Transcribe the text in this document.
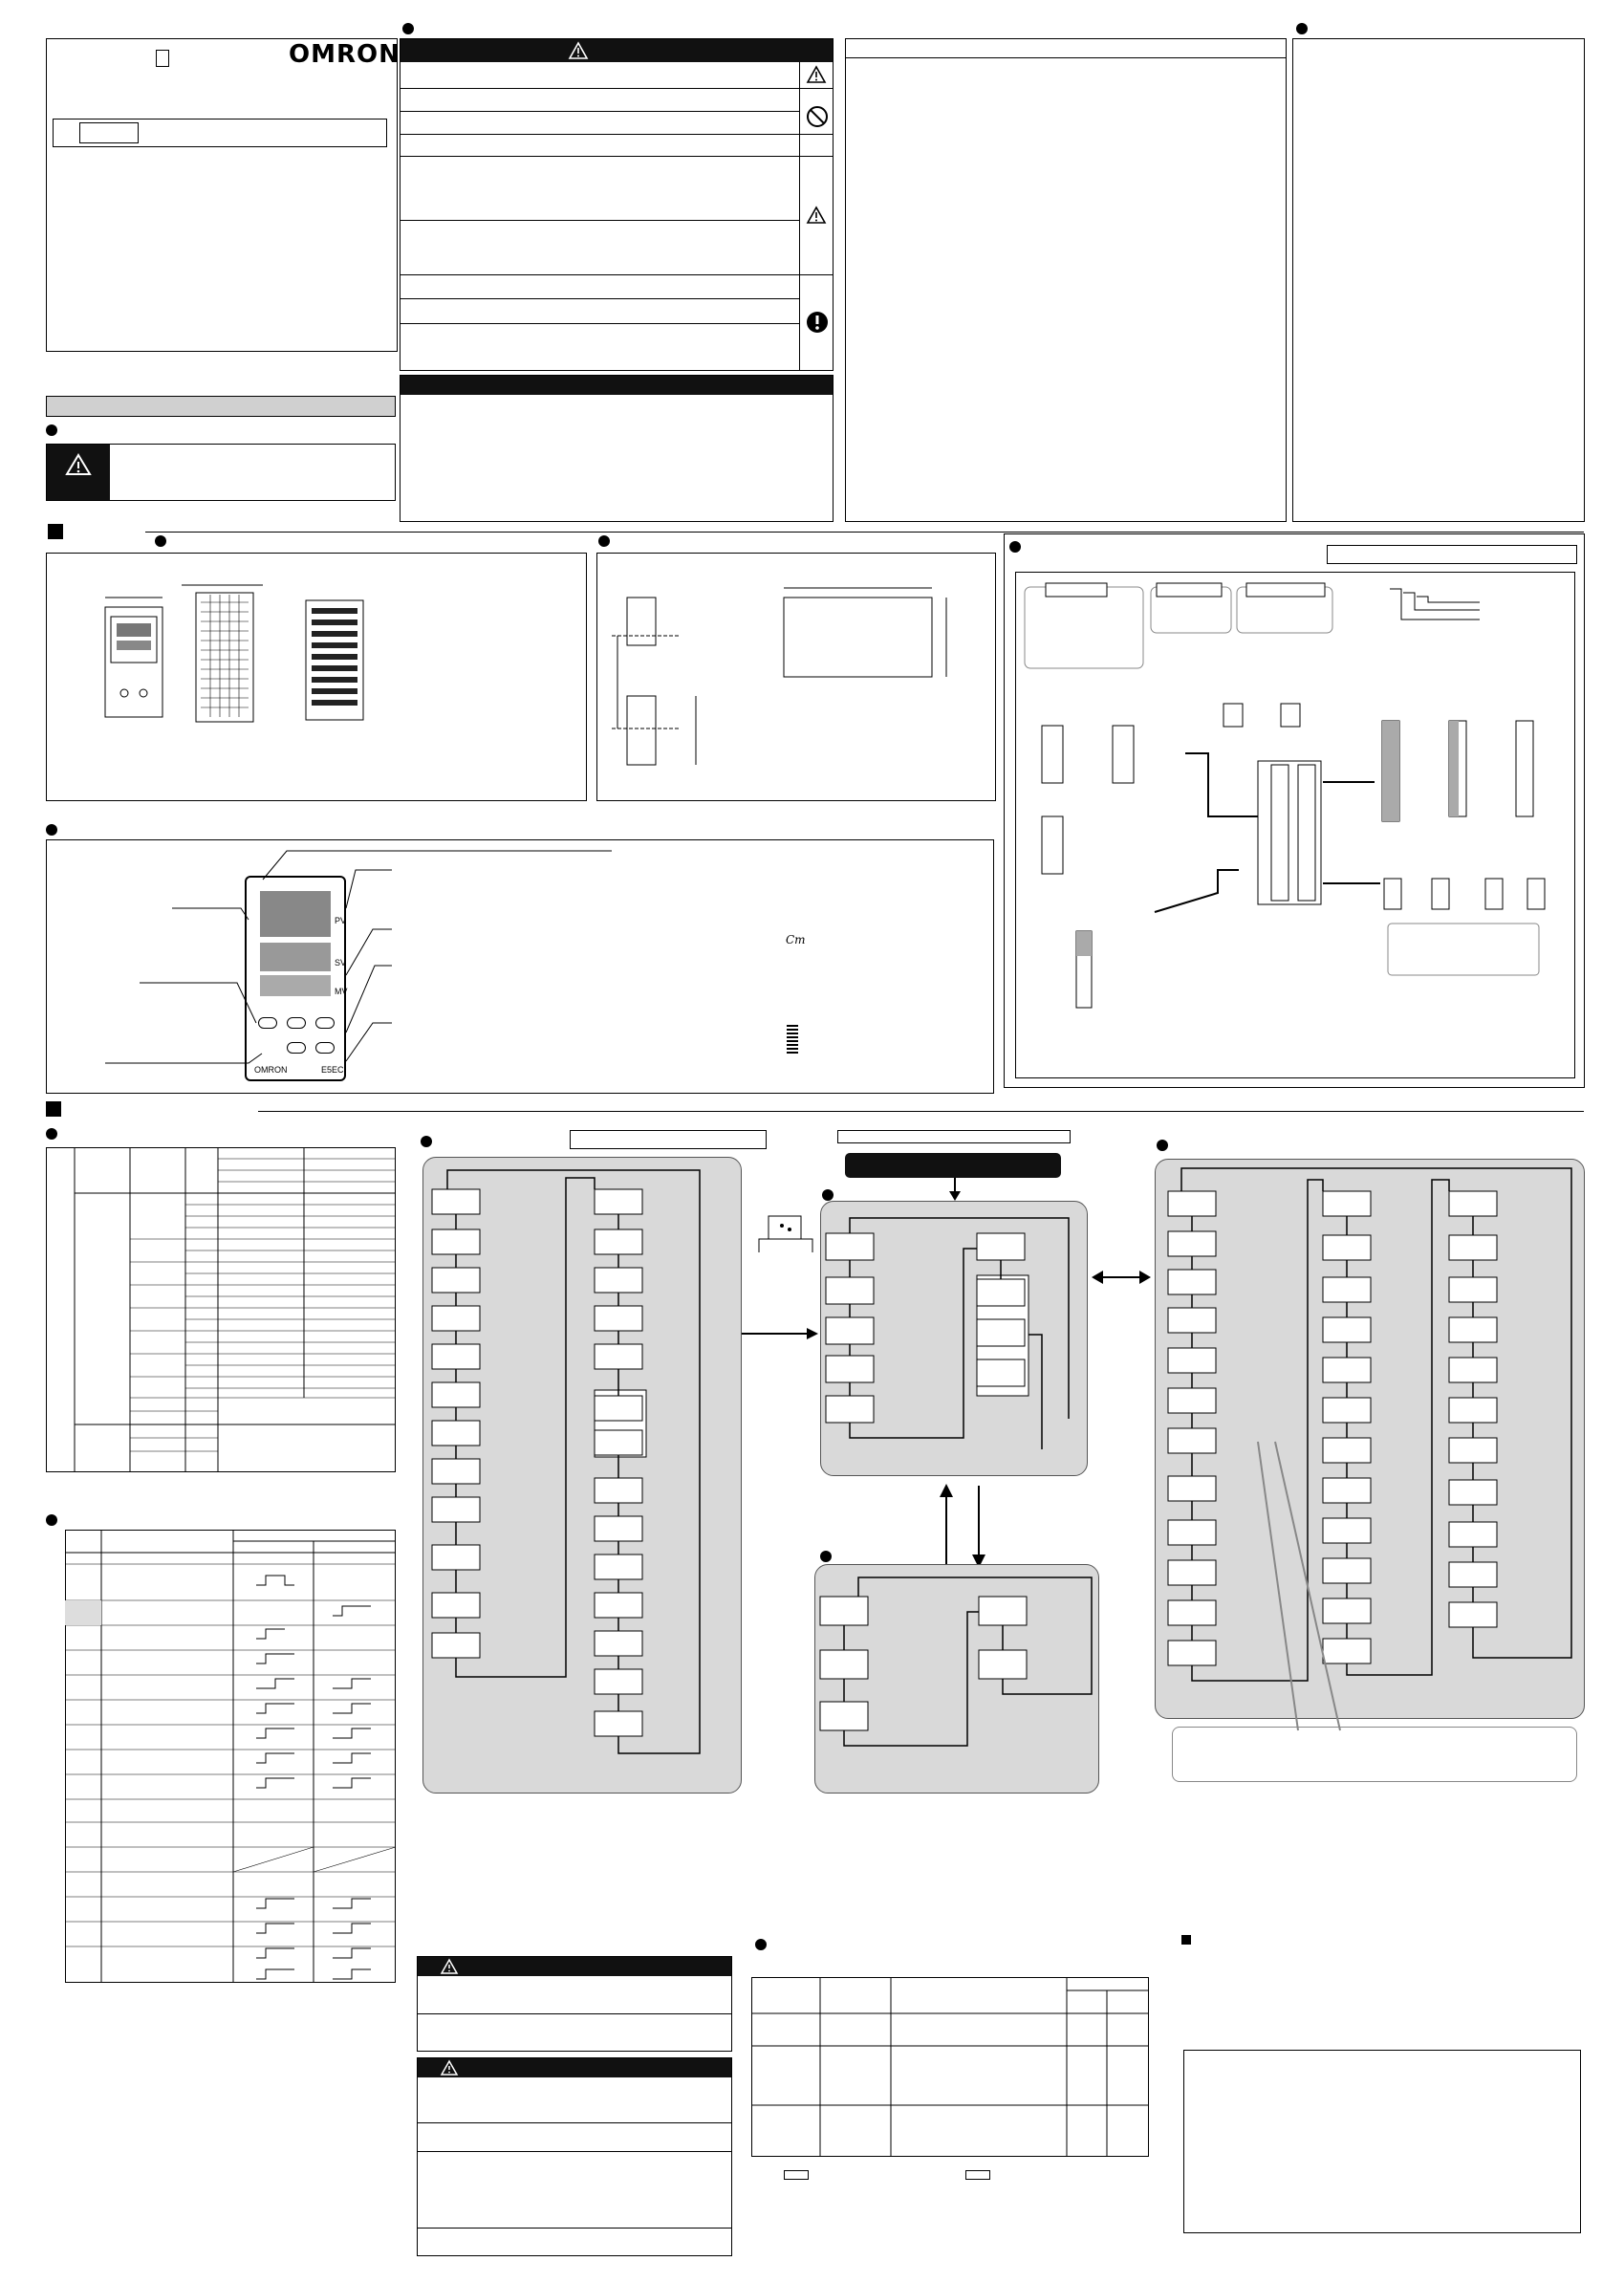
OMRON
PV
SV
MV
OMRON	E5EC
Cm
